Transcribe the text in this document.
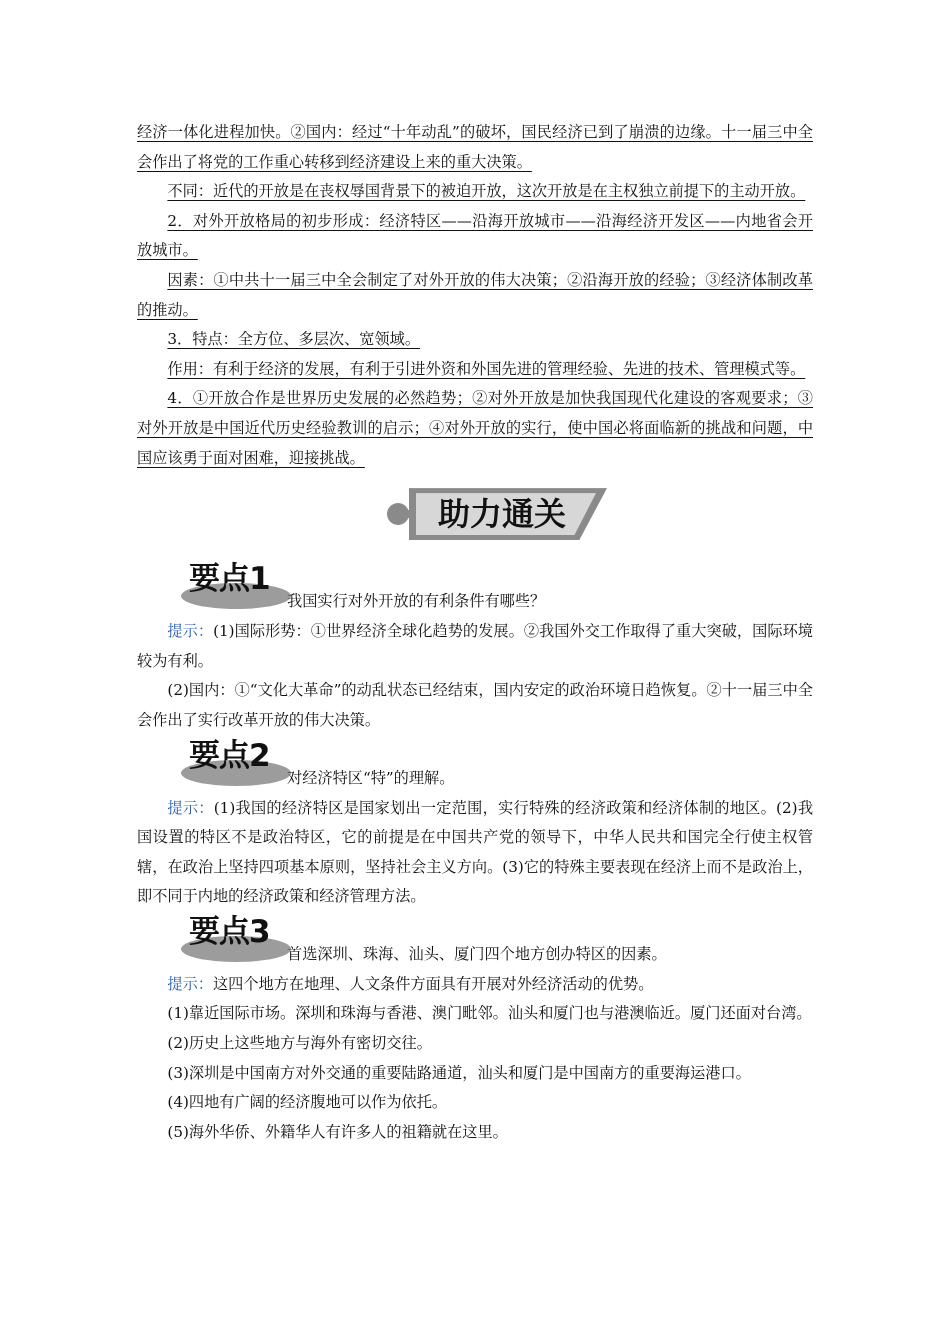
经济一体化进程加快。②国内：经过“十年动乱”的破坏，国民经济已到了崩溃的边缘。十一届三中全会作出了将党的工作重心转移到经济建设上来的重大决策。

不同：近代的开放是在丧权辱国背景下的被迫开放，这次开放是在主权独立前提下的主动开放。

2．对外开放格局的初步形成：经济特区——沿海开放城市——沿海经济开发区——内地省会开放城市。

因素：①中共十一届三中全会制定了对外开放的伟大决策；②沿海开放的经验；③经济体制改革的推动。

3．特点：全方位、多层次、宽领域。

作用：有利于经济的发展，有利于引进外资和外国先进的管理经验、先进的技术、管理模式等。

4．①开放合作是世界历史发展的必然趋势；②对外开放是加快我国现代化建设的客观要求；③对外开放是中国近代历史经验教训的启示；④对外开放的实行，使中国必将面临新的挑战和问题，中国应该勇于面对困难，迎接挑战。

助力通关
要点1
我国实行对外开放的有利条件有哪些？

提示：(1)国际形势：①世界经济全球化趋势的发展。②我国外交工作取得了重大突破，国际环境较为有利。

(2)国内：①“文化大革命”的动乱状态已经结束，国内安定的政治环境日趋恢复。②十一届三中全会作出了实行改革开放的伟大决策。

要点2
对经济特区“特”的理解。

提示：(1)我国的经济特区是国家划出一定范围，实行特殊的经济政策和经济体制的地区。(2)我国设置的特区不是政治特区，它的前提是在中国共产党的领导下，中华人民共和国完全行使主权管辖，在政治上坚持四项基本原则，坚持社会主义方向。(3)它的特殊主要表现在经济上而不是政治上，即不同于内地的经济政策和经济管理方法。

要点3
首选深圳、珠海、汕头、厦门四个地方创办特区的因素。

提示：这四个地方在地理、人文条件方面具有开展对外经济活动的优势。

(1)靠近国际市场。深圳和珠海与香港、澳门毗邻。汕头和厦门也与港澳临近。厦门还面对台湾。

(2)历史上这些地方与海外有密切交往。

(3)深圳是中国南方对外交通的重要陆路通道，汕头和厦门是中国南方的重要海运港口。

(4)四地有广阔的经济腹地可以作为依托。

(5)海外华侨、外籍华人有许多人的祖籍就在这里。
